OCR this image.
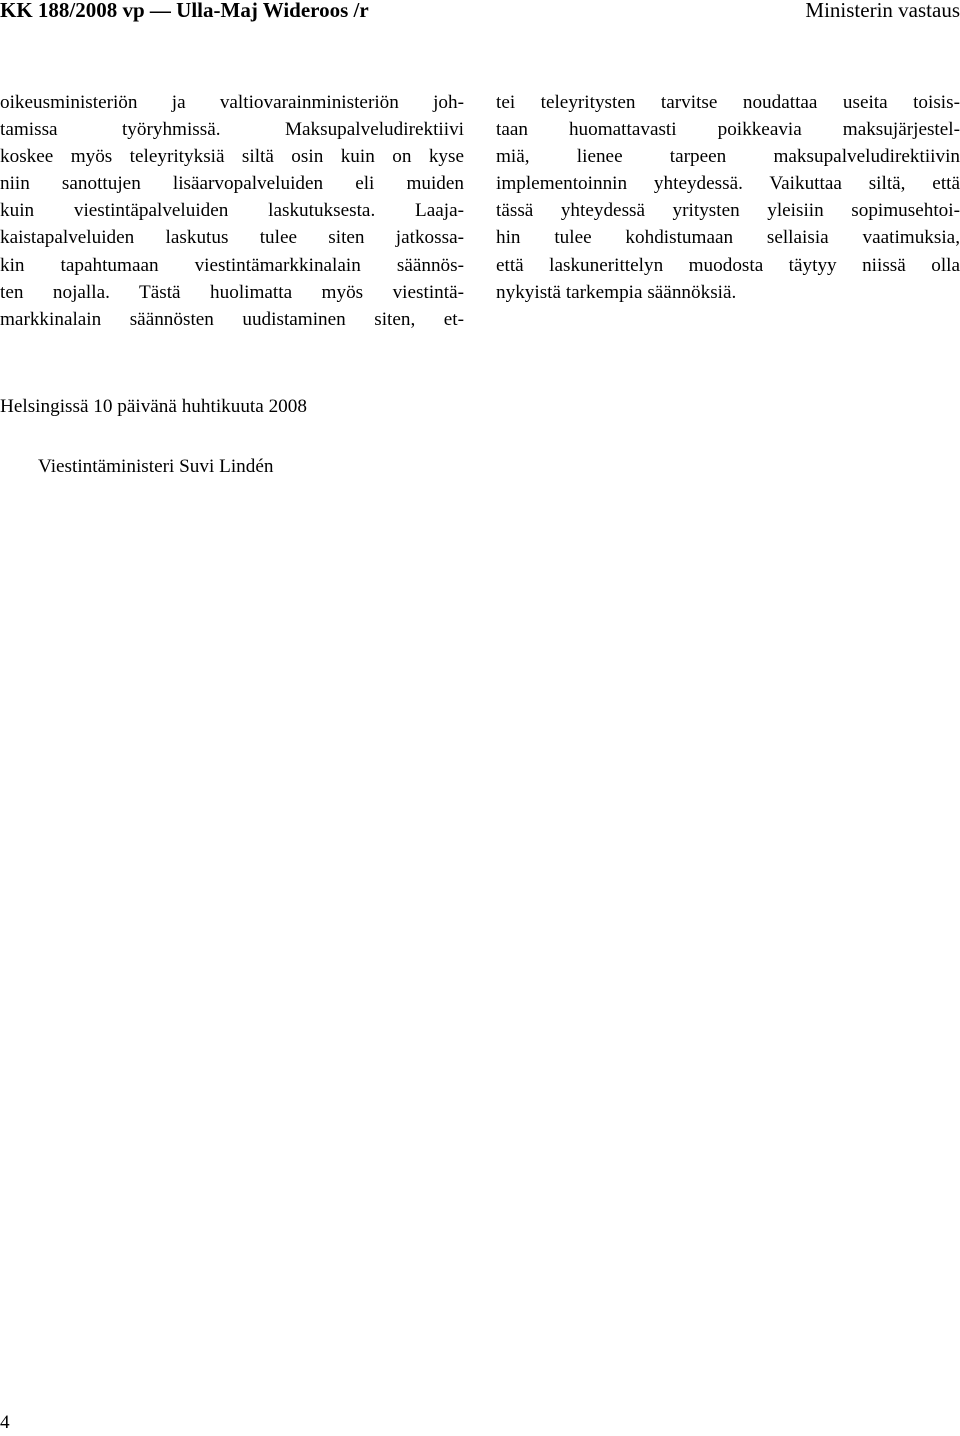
KK 188/2008 vp — Ulla-Maj Wideroos /r	Ministerin vastaus
oikeusministeriön ja valtiovarainministeriön joh-
tamissa työryhmissä. Maksupalveludirektiivi
koskee myös teleyrityksiä siltä osin kuin on kyse
niin sanottujen lisäarvopalveluiden eli muiden
kuin viestintäpalveluiden laskutuksesta. Laaja-
kaistapalveluiden laskutus tulee siten jatkossa-
kin tapahtumaan viestintämarkkinalain säännös-
ten nojalla. Tästä huolimatta myös viestintä-
markkinalain säännösten uudistaminen siten, et-
tei teleyritysten tarvitse noudattaa useita toisis-
taan huomattavasti poikkeavia maksujärjestel-
miä, lienee tarpeen maksupalveludirektiivin
implementoinnin yhteydessä. Vaikuttaa siltä, että
tässä yhteydessä yritysten yleisiin sopimusehtoi-
hin tulee kohdistumaan sellaisia vaatimuksia,
että laskunerittelyn muodosta täytyy niissä olla
nykyistä tarkempia säännöksiä.
Helsingissä 10 päivänä huhtikuuta 2008
Viestintäministeri Suvi Lindén
4
